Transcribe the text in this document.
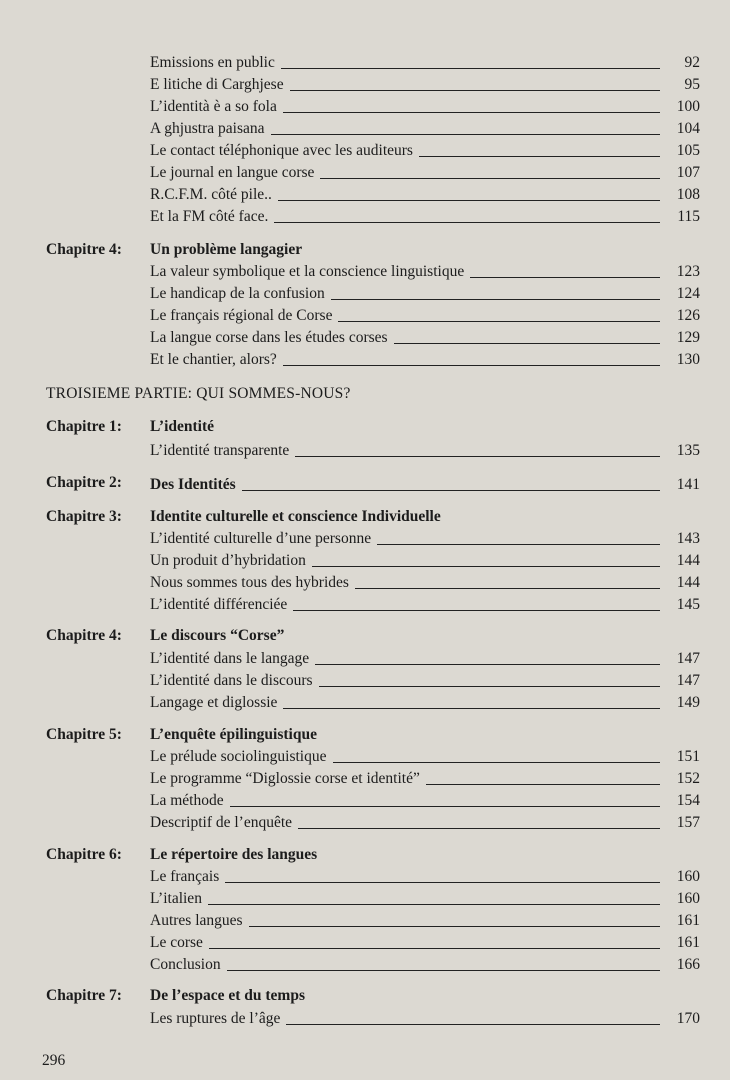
Emissions en public	92
E litiche di Carghjese	95
L’identità è a so fola	100
A ghjustra paisana	104
Le contact téléphonique avec les auditeurs	105
Le journal en langue corse	107
R.C.F.M. côté pile..	108
Et la FM côté face.	115
Chapitre 4: Un problème langagier
La valeur symbolique et la conscience linguistique	123
Le handicap de la confusion	124
Le français régional de Corse	126
La langue corse dans les études corses	129
Et le chantier, alors?	130
TROISIEME PARTIE: QUI SOMMES-NOUS?
Chapitre 1: L’identité
L’identité transparente	135
Chapitre 2: Des Identités	141
Chapitre 3: Identite culturelle et conscience Individuelle
L’identité culturelle d’une personne	143
Un produit d’hybridation	144
Nous sommes tous des hybrides	144
L’identité différenciée	145
Chapitre 4: Le discours “Corse”
L’identité dans le langage	147
L’identité dans le discours	147
Langage et diglossie	149
Chapitre 5: L’enquête épilinguistique
Le prélude sociolinguistique	151
Le programme “Diglossie corse et identité”	152
La méthode	154
Descriptif de l’enquête	157
Chapitre 6: Le répertoire des langues
Le français	160
L’italien	160
Autres langues	161
Le corse	161
Conclusion	166
Chapitre 7: De l’espace et du temps
Les ruptures de l’âge	170
296
